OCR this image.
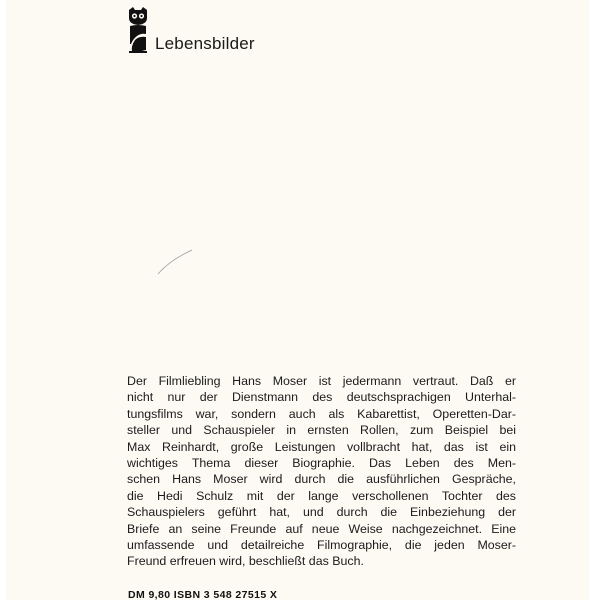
Lebensbilder

Der Filmliebling Hans Moser ist jedermann vertraut. Daß er
nicht nur der Dienstmann des deutschsprachigen Unterhal-
tungsfilms war, sondern auch als Kabarettist, Operetten-Dar-
steller und Schauspieler in ernsten Rollen, zum Beispiel bei
Max Reinhardt, große Leistungen vollbracht hat, das ist ein
wichtiges Thema dieser Biographie. Das Leben des Men-
schen Hans Moser wird durch die ausführlichen Gespräche,
die Hedi Schulz mit der lange verschollenen Tochter des
Schauspielers geführt hat, und durch die Einbeziehung der
Briefe an seine Freunde auf neue Weise nachgezeichnet. Eine
umfassende und detailreiche Filmographie, die jeden Moser-
Freund erfreuen wird, beschließt das Buch.

DM 9,80 ISBN 3 548 27515 X
